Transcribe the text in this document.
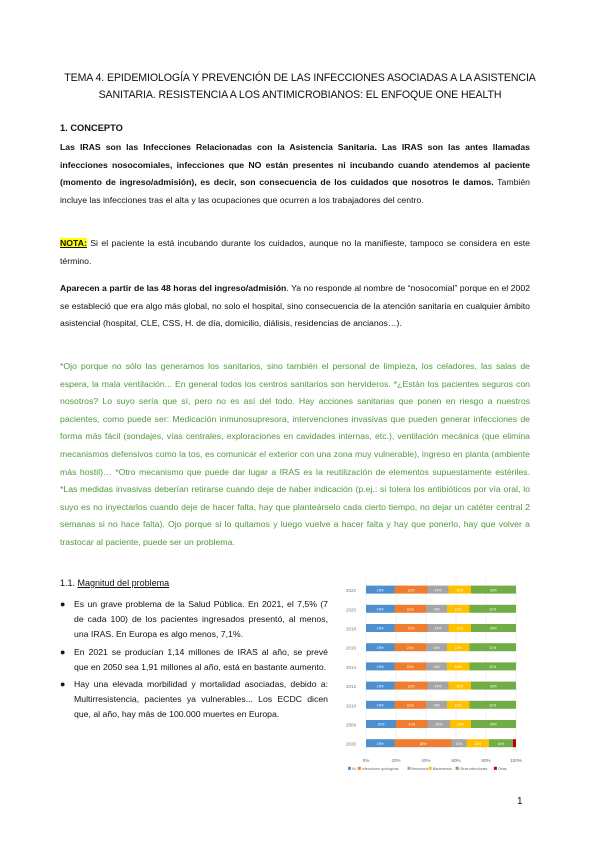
TEMA 4. EPIDEMIOLOGÍA Y PREVENCIÓN DE LAS INFECCIONES ASOCIADAS A LA ASISTENCIA SANITARIA. RESISTENCIA A LOS ANTIMICROBIANOS: EL ENFOQUE ONE HEALTH
1. CONCEPTO

Las IRAS son las Infecciones Relacionadas con la Asistencia Sanitaria. Las IRAS son las antes llamadas infecciones nosocomiales, infecciones que NO están presentes ni incubando cuando atendemos al paciente (momento de ingreso/admisión), es decir, son consecuencia de los cuidados que nosotros le damos. También incluye las infecciones tras el alta y las ocupaciones que ocurren a los trabajadores del centro.

NOTA: Si el paciente la está incubando durante los cuidados, aunque no la manifieste, tampoco se considera en este término.

Aparecen a partir de las 48 horas del ingreso/admisión. Ya no responde al nombre de “nosocomial” porque en el 2002 se estableció que era algo más global, no solo el hospital, sino consecuencia de la atención sanitaria en cualquier ámbito asistencial (hospital, CLE, CSS, H. de día, domicilio, diálisis, residencias de ancianos…).

*Ojo porque no sólo las generamos los sanitarios, sino también el personal de limpieza, los celadores, las salas de espera, la mala ventilación... En general todos los centros sanitarios son hervideros. *¿Están los pacientes seguros con nosotros? Lo suyo sería que sí, pero no es así del todo. Hay acciones sanitarias que ponen en riesgo a nuestros pacientes, como puede ser: Medicación inmunosupresora, intervenciones invasivas que pueden generar infecciones de forma más fácil (sondajes, vías centrales, exploraciones en cavidades internas, etc.), ventilación mecánica (que elimina mecanismos defensivos como la tos, es comunicar el exterior con una zona muy vulnerable), ingreso en planta (ambiente más hostil)… *Otro mecanismo que puede dar lugar a IRAS es la reutilización de elementos supuestamente estériles. *Las medidas invasivas deberían retirarse cuando deje de haber indicación (p.ej.: si tolera los antibióticos por vía oral, lo suyo es no inyectarlos cuando deje de hacer falta, hay que planteárselo cada cierto tiempo, no dejar un catéter central 2 semanas si no hace falta). Ojo porque si lo quitamos y luego vuelve a hacer falta y hay que ponerlo, hay que volver a trastocar al paciente, puede ser un problema.

1.1. Magnitud del problema
● Es un grave problema de la Salud Pública. En 2021, el 7,5% (7 de cada 100) de los pacientes ingresados presentó, al menos, una IRAS. En Europa es algo menos, 7,1%.
● En 2021 se producían 1,14 millones de IRAS al año, se prevé que en 2050 sea 1,91 millones al año, está en bastante aumento.
● Hay una elevada morbilidad y mortalidad asociadas, debido a: Multirresistencia, pacientes ya vulnerables... Los ECDC dicen que, al año, hay más de 100.000 muertes en Europa.
2022	19%	22%	14%	15%	30%
2020	19%	21%	14%	15%	31%
2018	19%	22%	14%	15%	30%
2016	19%	21%	14%	15%	31%
2014	19%	21%	14%	15%	31%
2012	19%	22%	14%	15%	30%
2010	19%	21%	14%	15%	31%
2009	20%	21%	15%	14%	30%
2020	19%	38%	10%	15%	16%
0%	20%	40%	60%	80%	100%
IN Infecciones quirúrgicas	Neumonía Bacteriemia Otras infecciones	Otras
1
